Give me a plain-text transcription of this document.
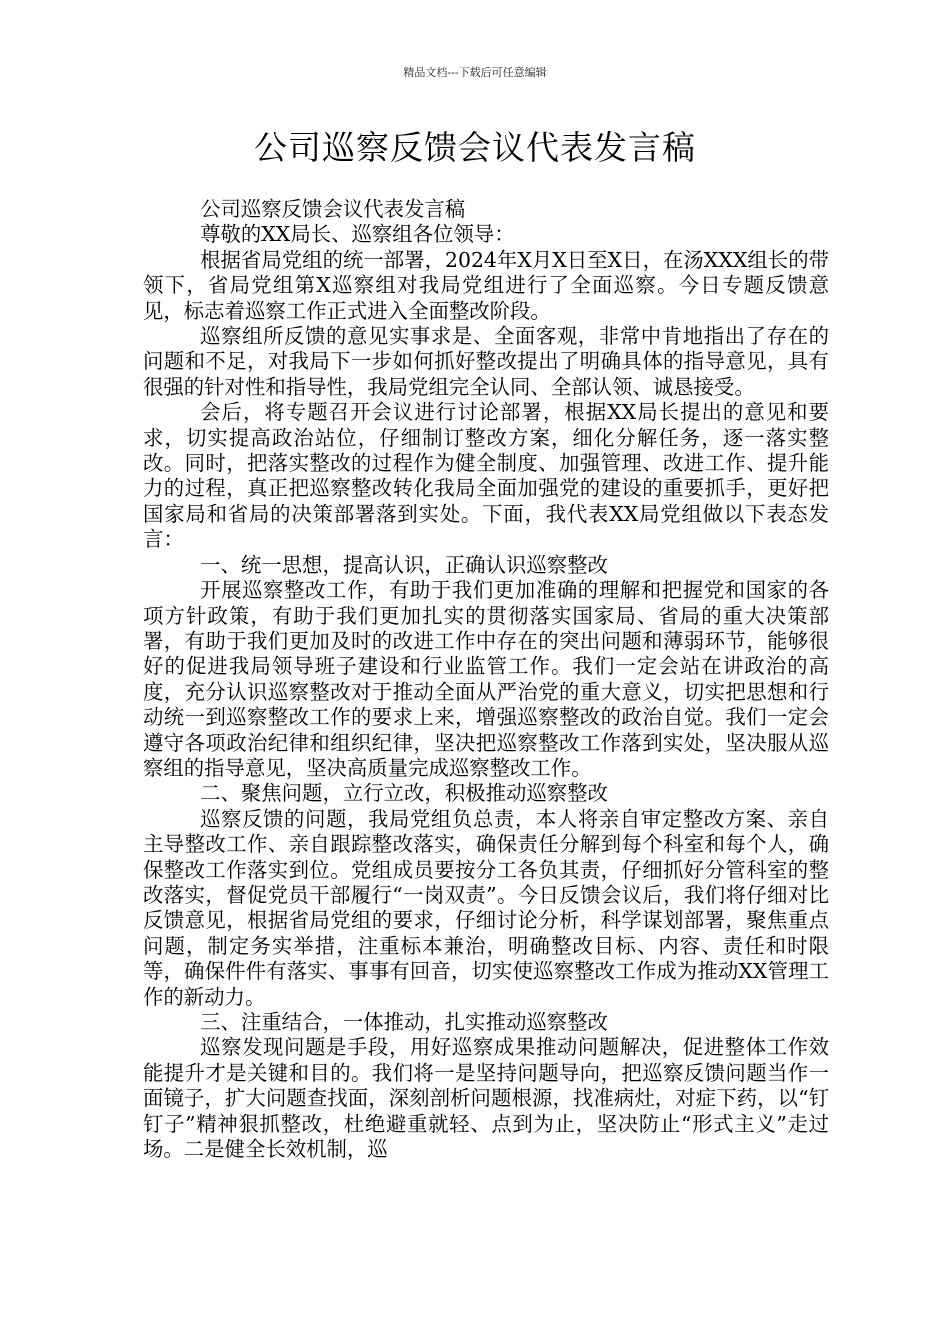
精品文档---下载后可任意编辑
公司巡察反馈会议代表发言稿

公司巡察反馈会议代表发言稿

尊敬的XX局长、巡察组各位领导：

根据省局党组的统一部署，2024年X月X日至X日，在汤XXX组长的带领下，省局党组第X巡察组对我局党组进行了全面巡察。今日专题反馈意见，标志着巡察工作正式进入全面整改阶段。

巡察组所反馈的意见实事求是、全面客观，非常中肯地指出了存在的问题和不足，对我局下一步如何抓好整改提出了明确具体的指导意见，具有很强的针对性和指导性，我局党组完全认同、全部认领、诚恳接受。

会后，将专题召开会议进行讨论部署，根据XX局长提出的意见和要求，切实提高政治站位，仔细制订整改方案，细化分解任务，逐一落实整改。同时，把落实整改的过程作为健全制度、加强管理、改进工作、提升能力的过程，真正把巡察整改转化我局全面加强党的建设的重要抓手，更好把国家局和省局的决策部署落到实处。下面，我代表XX局党组做以下表态发言：

一、统一思想，提高认识，正确认识巡察整改

开展巡察整改工作，有助于我们更加准确的理解和把握党和国家的各项方针政策，有助于我们更加扎实的贯彻落实国家局、省局的重大决策部署，有助于我们更加及时的改进工作中存在的突出问题和薄弱环节，能够很好的促进我局领导班子建设和行业监管工作。我们一定会站在讲政治的高度，充分认识巡察整改对于推动全面从严治党的重大意义，切实把思想和行动统一到巡察整改工作的要求上来，增强巡察整改的政治自觉。我们一定会遵守各项政治纪律和组织纪律，坚决把巡察整改工作落到实处，坚决服从巡察组的指导意见，坚决高质量完成巡察整改工作。

二、聚焦问题，立行立改，积极推动巡察整改

巡察反馈的问题，我局党组负总责，本人将亲自审定整改方案、亲自主导整改工作、亲自跟踪整改落实，确保责任分解到每个科室和每个人，确保整改工作落实到位。党组成员要按分工各负其责，仔细抓好分管科室的整改落实，督促党员干部履行“一岗双责”。今日反馈会议后，我们将仔细对比反馈意见，根据省局党组的要求，仔细讨论分析，科学谋划部署，聚焦重点问题，制定务实举措，注重标本兼治，明确整改目标、内容、责任和时限等，确保件件有落实、事事有回音，切实使巡察整改工作成为推动XX管理工作的新动力。

三、注重结合，一体推动，扎实推动巡察整改

巡察发现问题是手段，用好巡察成果推动问题解决，促进整体工作效能提升才是关键和目的。我们将一是坚持问题导向，把巡察反馈问题当作一面镜子，扩大问题查找面，深刻剖析问题根源，找准病灶，对症下药，以“钉钉子”精神狠抓整改，杜绝避重就轻、点到为止，坚决防止“形式主义”走过场。二是健全长效机制，巡
